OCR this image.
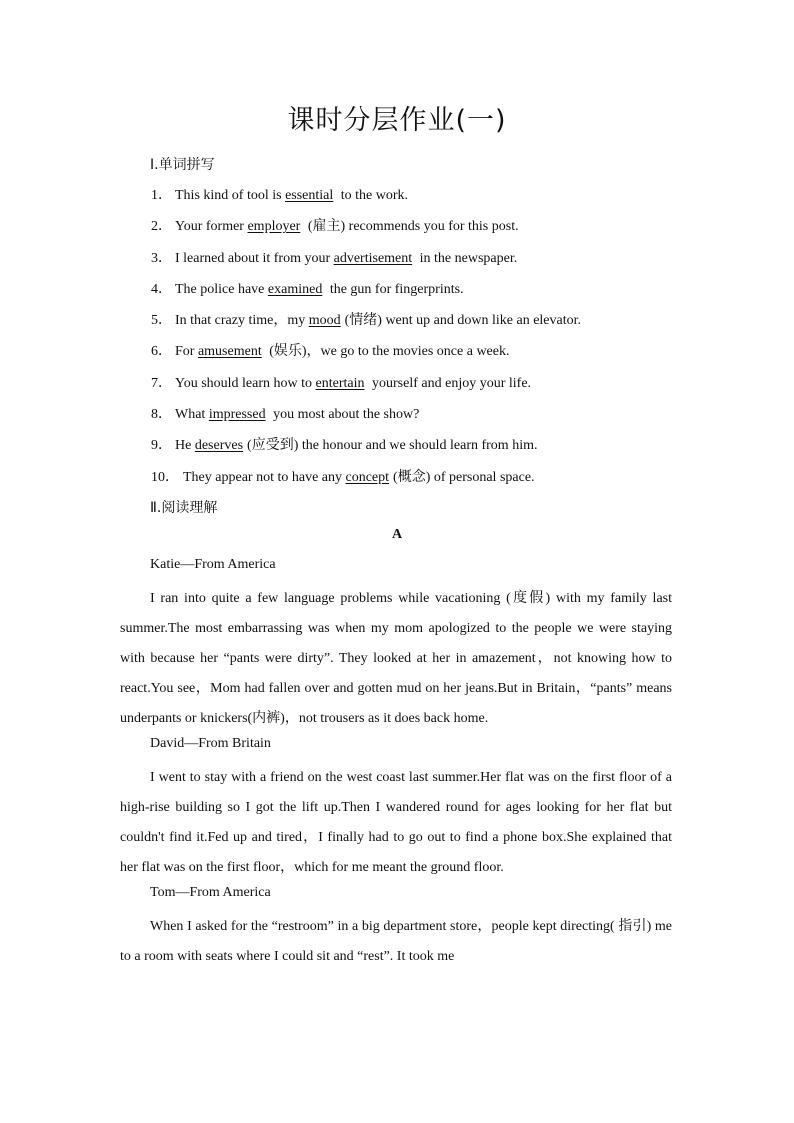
课时分层作业(一)
Ⅰ.单词拼写
1． This kind of tool is essential to the work.
2． Your former employer (雇主) recommends you for this post.
3． I learned about it from your advertisement in the newspaper.
4． The police have examined the gun for fingerprints.
5． In that crazy time，my mood (情绪) went up and down like an elevator.
6． For amusement (娱乐)，we go to the movies once a week.
7． You should learn how to entertain yourself and enjoy your life.
8． What impressed you most about the show?
9． He deserves (应受到) the honour and we should learn from him.
10． They appear not to have any concept (概念) of personal space.
Ⅱ.阅读理解
A
Katie—From America

I ran into quite a few language problems while vacationing (度假) with my family last summer.The most embarrassing was when my mom apologized to the people we were staying with because her “pants were dirty”. They looked at her in amazement，not knowing how to react.You see，Mom had fallen over and gotten mud on her jeans.But in Britain，“pants” means underpants or knickers(内裤)，not trousers as it does back home.

David—From Britain

I went to stay with a friend on the west coast last summer.Her flat was on the first floor of a high-rise building so I got the lift up.Then I wandered round for ages looking for her flat but couldn't find it.Fed up and tired，I finally had to go out to find a phone box.She explained that her flat was on the first floor，which for me meant the ground floor.

Tom—From America

When I asked for the “restroom” in a big department store，people kept directing( 指引) me to a room with seats where I could sit and “rest”. It took me
